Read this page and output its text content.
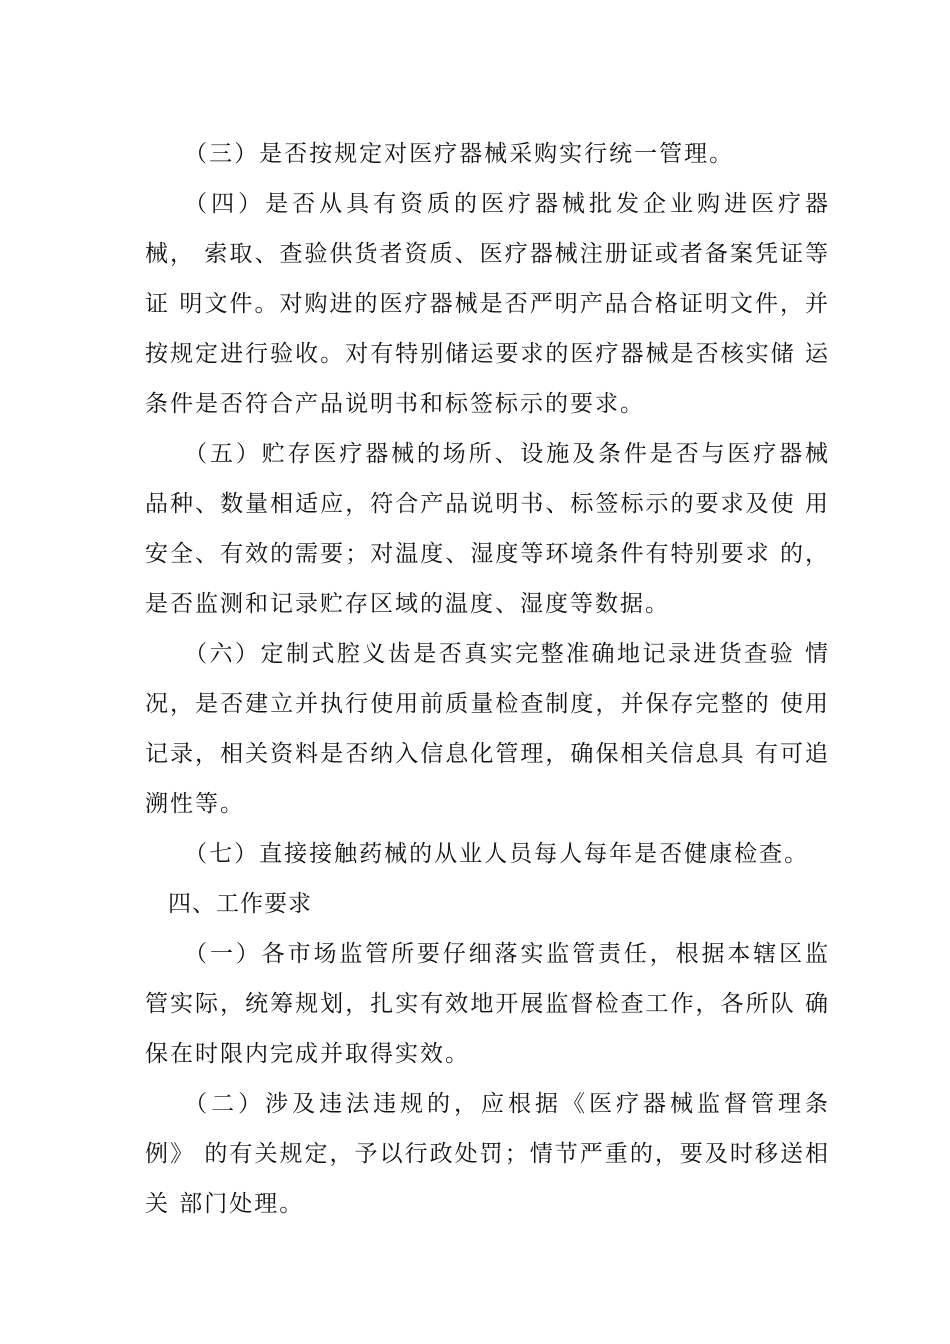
（三）是否按规定对医疗器械采购实行统一管理。

（四）是否从具有资质的医疗器械批发企业购进医疗器械， 索取、查验供货者资质、医疗器械注册证或者备案凭证等证 明文件。对购进的医疗器械是否严明产品合格证明文件，并 按规定进行验收。对有特别储运要求的医疗器械是否核实储 运条件是否符合产品说明书和标签标示的要求。

（五）贮存医疗器械的场所、设施及条件是否与医疗器械 品种、数量相适应，符合产品说明书、标签标示的要求及使 用安全、有效的需要；对温度、湿度等环境条件有特别要求 的，是否监测和记录贮存区域的温度、湿度等数据。

（六）定制式腔义齿是否真实完整准确地记录进货查验 情况，是否建立并执行使用前质量检查制度，并保存完整的 使用记录，相关资料是否纳入信息化管理，确保相关信息具 有可追溯性等。

（七）直接接触药械的从业人员每人每年是否健康检查。

四、工作要求

（一）各市场监管所要仔细落实监管责任，根据本辖区监 管实际，统筹规划，扎实有效地开展监督检查工作，各所队 确保在时限内完成并取得实效。

（二）涉及违法违规的，应根据《医疗器械监督管理条例》 的有关规定，予以行政处罚；情节严重的，要及时移送相关 部门处理。
